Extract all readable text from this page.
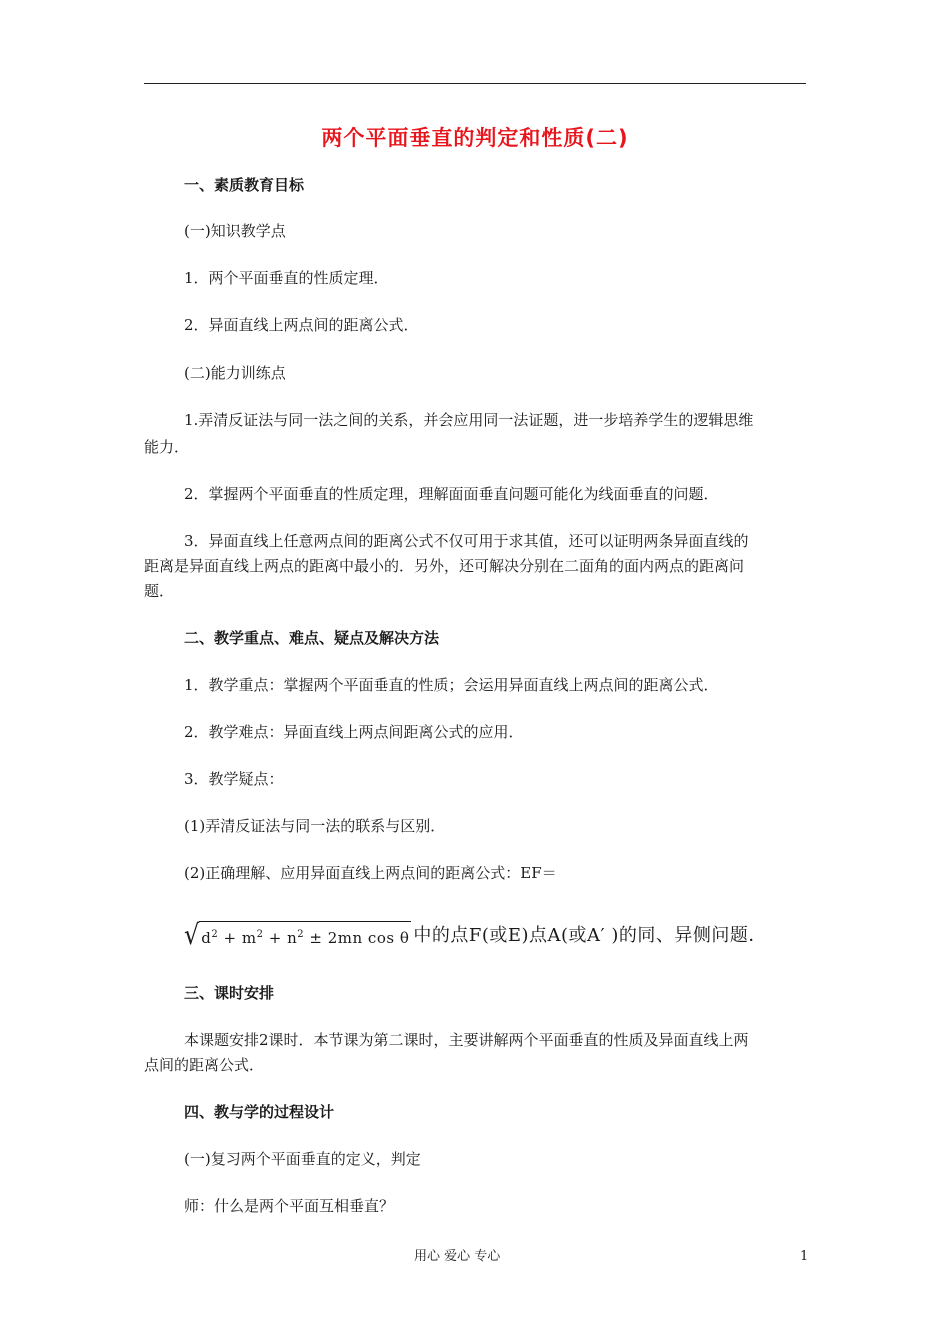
两个平面垂直的判定和性质(二)
一、素质教育目标
(一)知识教学点
1．两个平面垂直的性质定理．
2．异面直线上两点间的距离公式．
(二)能力训练点
1.弄清反证法与同一法之间的关系，并会应用同一法证题，进一步培养学生的逻辑思维
能力．
2．掌握两个平面垂直的性质定理，理解面面垂直问题可能化为线面垂直的问题．
3．异面直线上任意两点间的距离公式不仅可用于求其值，还可以证明两条异面直线的
距离是异面直线上两点的距离中最小的．另外，还可解决分别在二面角的面内两点的距离问
题．
二、教学重点、难点、疑点及解决方法
1．教学重点：掌握两个平面垂直的性质；会运用异面直线上两点间的距离公式．
2．教学难点：异面直线上两点间距离公式的应用．
3．教学疑点：
(1)弄清反证法与同一法的联系与区别．
(2)正确理解、应用异面直线上两点间的距离公式：EF＝
√ $d^2 + m^2 + n^2 \pm 2mn$ cos θ 中的点F(或E)点A(或A′ )的同、异侧问题．
三、课时安排
本课题安排2课时．本节课为第二课时，主要讲解两个平面垂直的性质及异面直线上两
点间的距离公式．
四、教与学的过程设计
(一)复习两个平面垂直的定义，判定
师：什么是两个平面互相垂直？
用心 爱心 专心	1
